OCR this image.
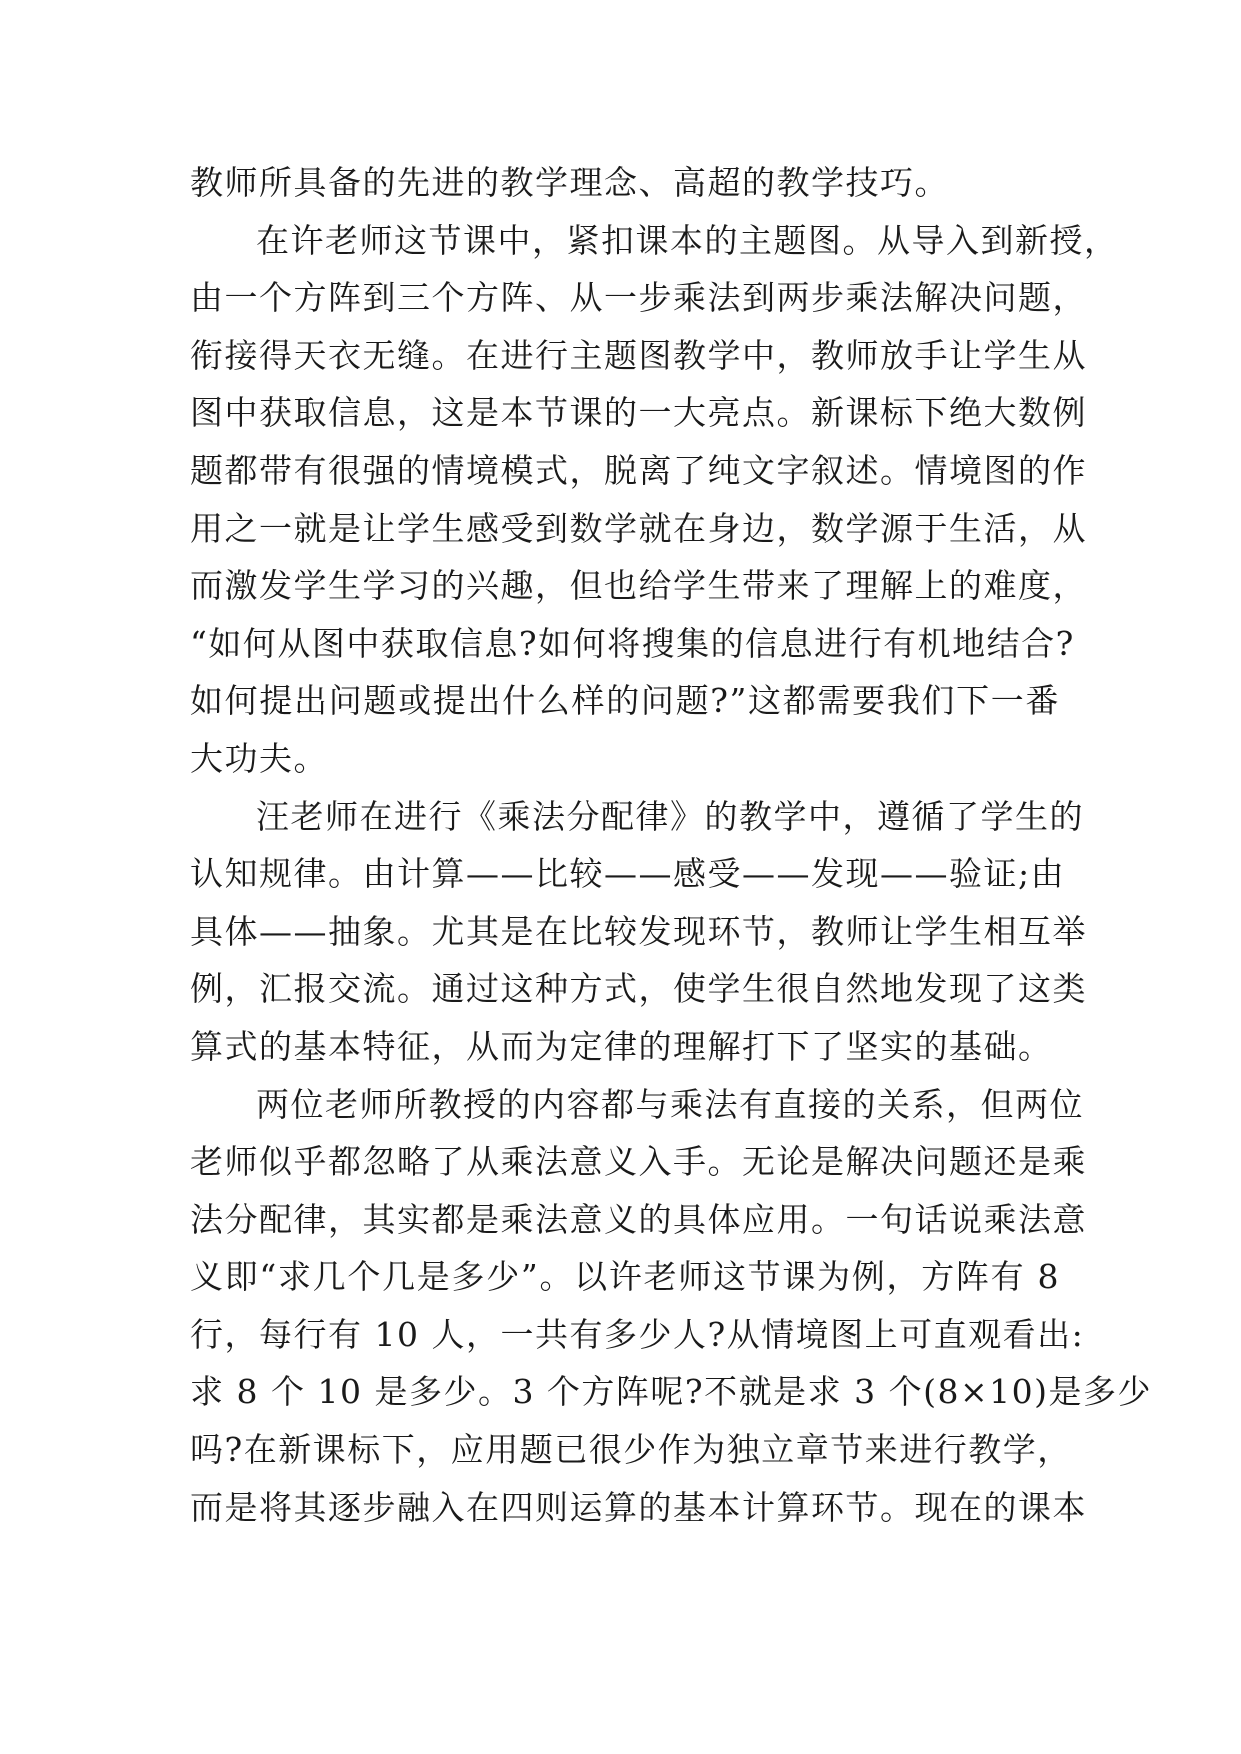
教师所具备的先进的教学理念、高超的教学技巧。
在许老师这节课中，紧扣课本的主题图。从导入到新授，
由一个方阵到三个方阵、从一步乘法到两步乘法解决问题，
衔接得天衣无缝。在进行主题图教学中，教师放手让学生从
图中获取信息，这是本节课的一大亮点。新课标下绝大数例
题都带有很强的情境模式，脱离了纯文字叙述。情境图的作
用之一就是让学生感受到数学就在身边，数学源于生活，从
而激发学生学习的兴趣，但也给学生带来了理解上的难度，
“如何从图中获取信息?如何将搜集的信息进行有机地结合?
如何提出问题或提出什么样的问题?”这都需要我们下一番
大功夫。
汪老师在进行《乘法分配律》的教学中，遵循了学生的
认知规律。由计算——比较——感受——发现——验证;由
具体——抽象。尤其是在比较发现环节，教师让学生相互举
例，汇报交流。通过这种方式，使学生很自然地发现了这类
算式的基本特征，从而为定律的理解打下了坚实的基础。
两位老师所教授的内容都与乘法有直接的关系，但两位
老师似乎都忽略了从乘法意义入手。无论是解决问题还是乘
法分配律，其实都是乘法意义的具体应用。一句话说乘法意
义即“求几个几是多少”。以许老师这节课为例，方阵有 8
行，每行有 10 人，一共有多少人?从情境图上可直观看出:
求 8 个 10 是多少。3 个方阵呢?不就是求 3 个(8×10)是多少
吗?在新课标下，应用题已很少作为独立章节来进行教学，
而是将其逐步融入在四则运算的基本计算环节。现在的课本
